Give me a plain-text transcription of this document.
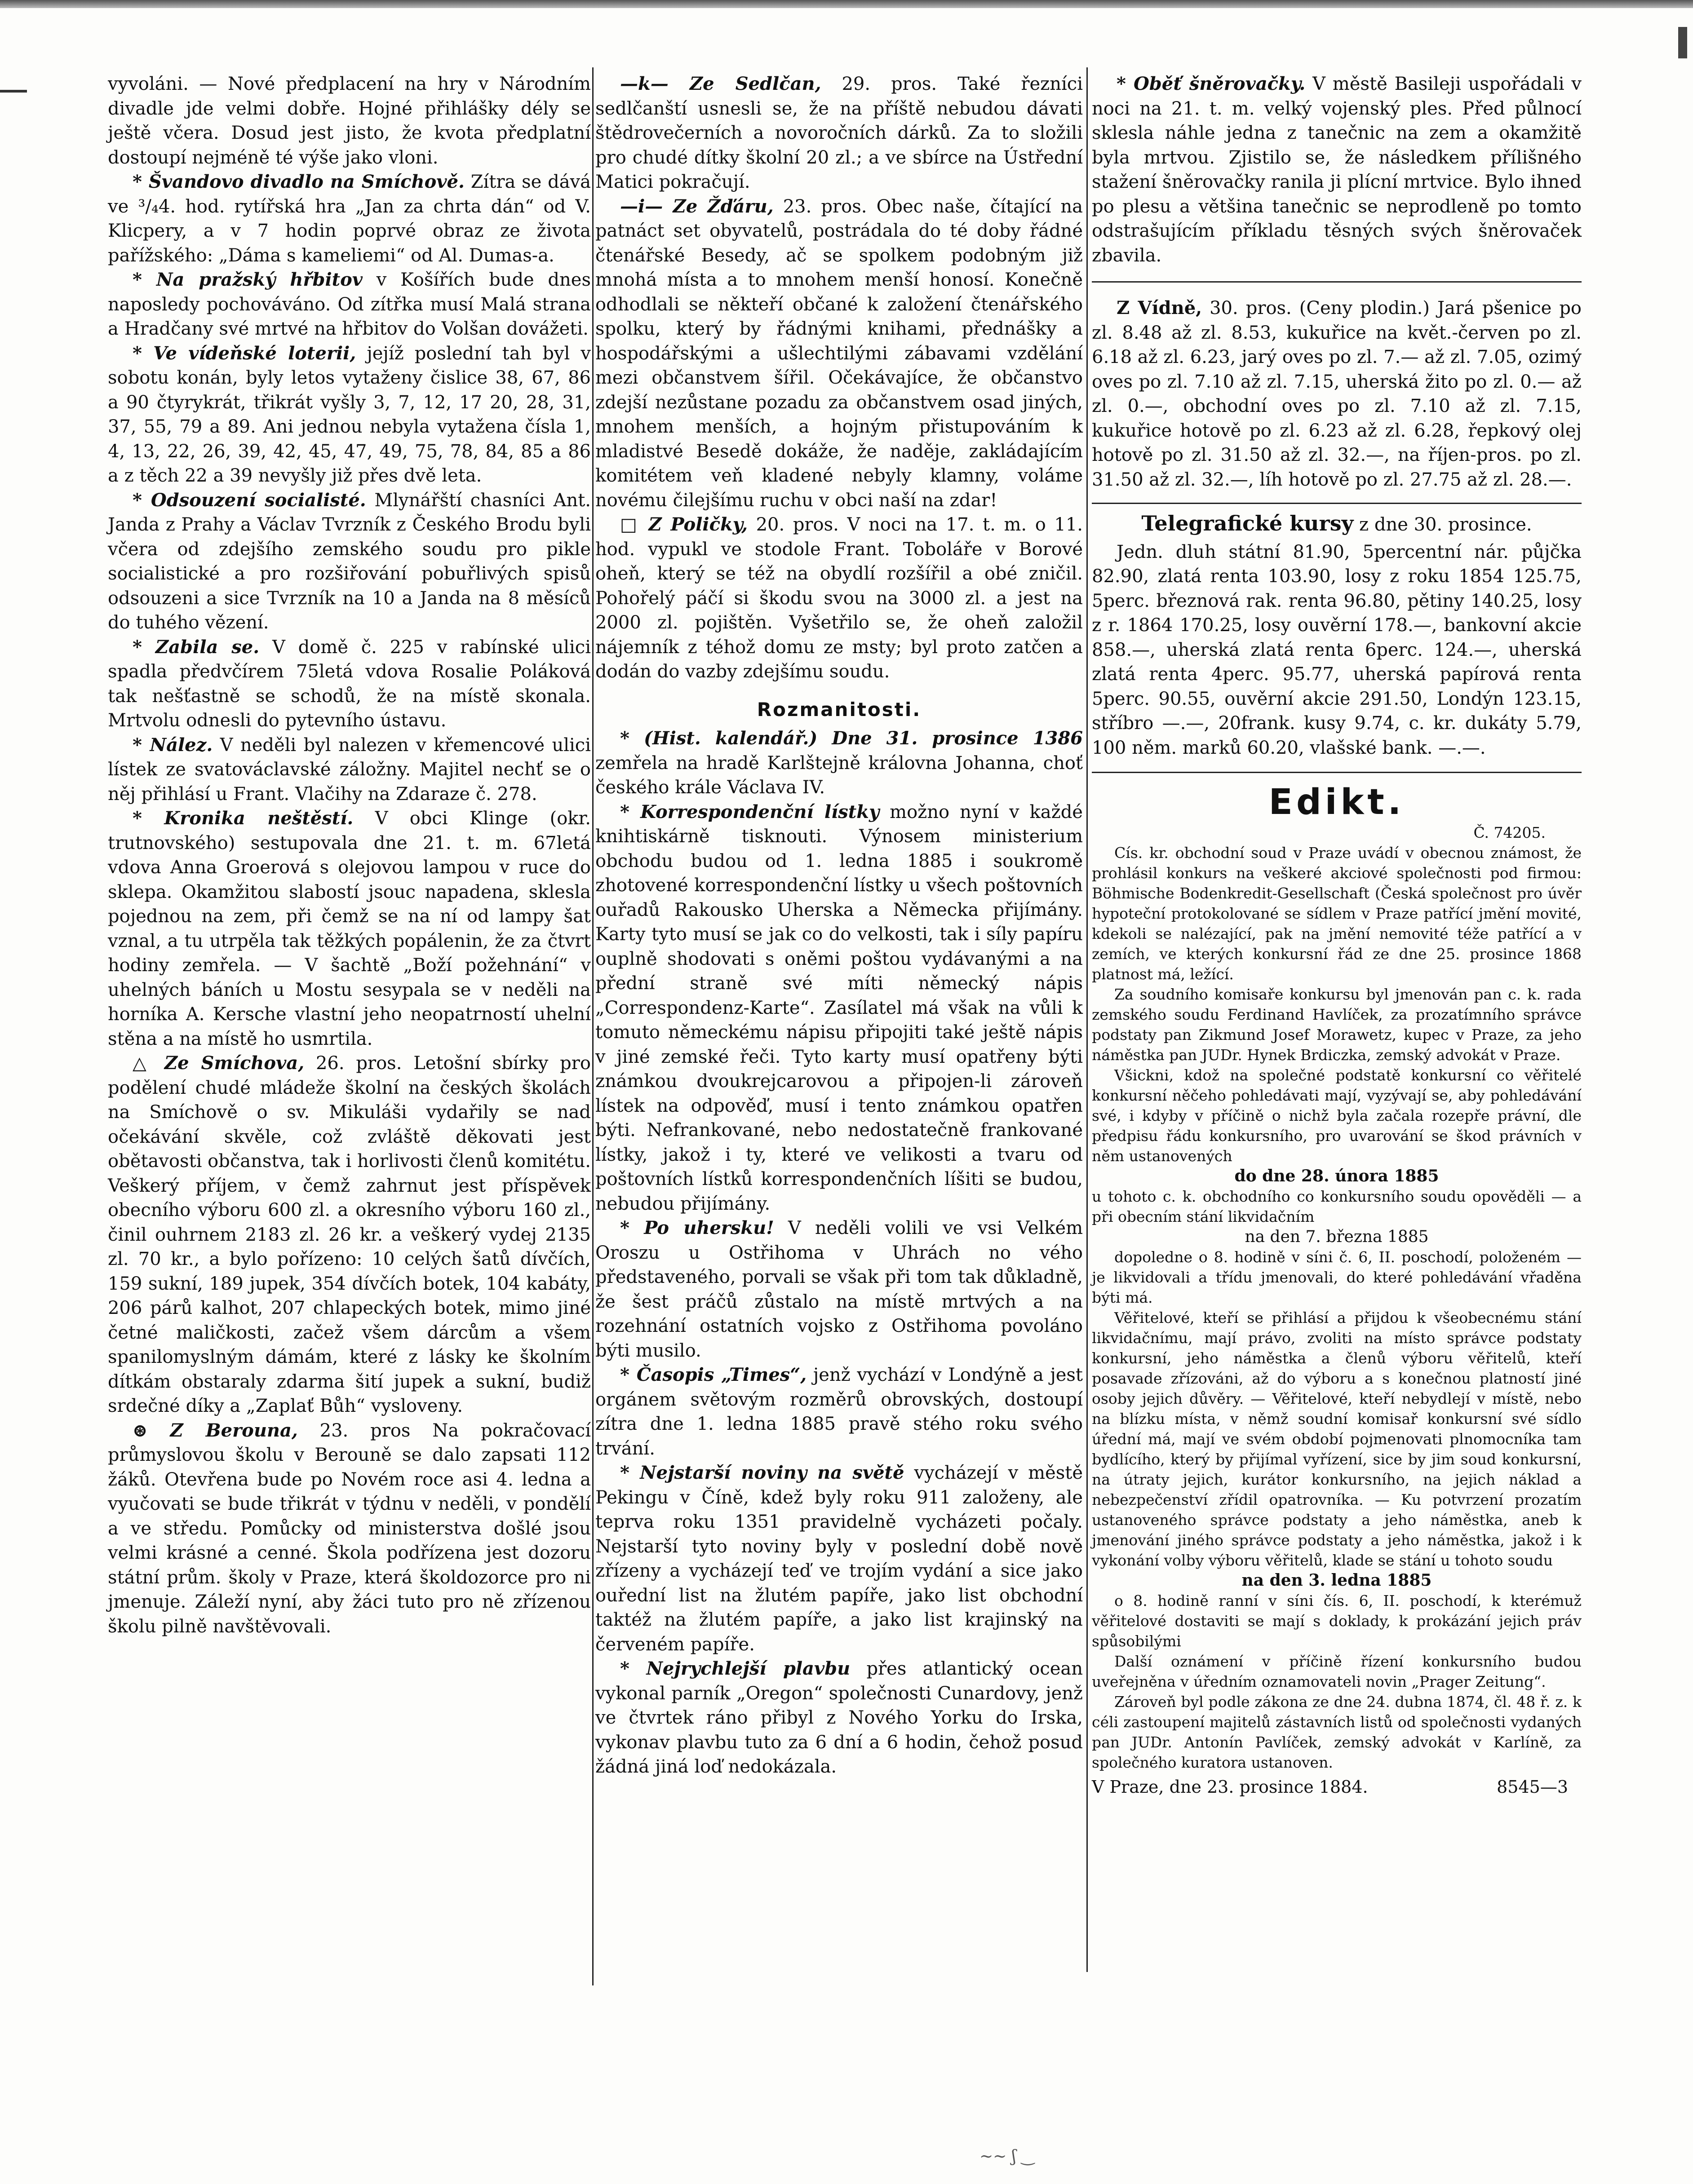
vyvoláni. — Nové předplacení na hry v Národním divadle jde velmi dobře. Hojné přihlášky dély se ještě včera. Dosud jest jisto, že kvota předplatní dostoupí nejméně té výše jako vloni.

* Švandovo divadlo na Smíchově. Zítra se dává ve ³/₄4. hod. rytířská hra „Jan za chrta dán“ od V. Klicpery, a v 7 hodin poprvé obraz ze života pařížského: „Dáma s kameliemi“ od Al. Dumas-a.

* Na pražský hřbitov v Košířích bude dnes naposledy pochováváno. Od zítřka musí Malá strana a Hradčany své mrtvé na hřbitov do Volšan dovážeti.

* Ve vídeňské loterii, jejíž poslední tah byl v sobotu konán, byly letos vytaženy čislice 38, 67, 86 a 90 čtyrykrát, třikrát vyšly 3, 7, 12, 17 20, 28, 31, 37, 55, 79 a 89. Ani jednou nebyla vytažena čísla 1, 4, 13, 22, 26, 39, 42, 45, 47, 49, 75, 78, 84, 85 a 86 a z těch 22 a 39 nevyšly již přes dvě leta.

* Odsouzení socialisté. Mlynářští chasníci Ant. Janda z Prahy a Václav Tvrzník z Českého Brodu byli včera od zdejšího zemského soudu pro pikle socialistické a pro rozšiřování pobuřlivých spisů odsouzeni a sice Tvrzník na 10 a Janda na 8 měsíců do tuhého vězení.

* Zabila se. V domě č. 225 v rabínské ulici spadla předvčírem 75letá vdova Rosalie Poláková tak nešťastně se schodů, že na místě skonala. Mrtvolu odnesli do pytevního ústavu.

* Nález. V neděli byl nalezen v křemencové ulici lístek ze svatováclavské záložny. Majitel nechť se o něj přihlásí u Frant. Vlačihy na Zdaraze č. 278.

* Kronika neštěstí. V obci Klinge (okr. trutnovského) sestupovala dne 21. t. m. 67letá vdova Anna Groerová s olejovou lampou v ruce do sklepa. Okamžitou slabostí jsouc napadena, sklesla pojednou na zem, při čemž se na ní od lampy šat vznal, a tu utrpěla tak těžkých popálenin, že za čtvrt hodiny zemřela. — V šachtě „Boží požehnání“ v uhelných báních u Mostu sesypala se v neděli na horníka A. Kersche vlastní jeho neopatrností uhelní stěna a na místě ho usmrtila.

△ Ze Smíchova, 26. pros. Letošní sbírky pro podělení chudé mládeže školní na českých školách na Smíchově o sv. Mikuláši vydařily se nad očekávání skvěle, což zvláště děkovati jest obětavosti občanstva, tak i horlivosti členů komitétu. Veškerý příjem, v čemž zahrnut jest příspěvek obecního výboru 600 zl. a okresního výboru 160 zl., činil ouhrnem 2183 zl. 26 kr. a veškerý vydej 2135 zl. 70 kr., a bylo pořízeno: 10 celých šatů dívčích, 159 sukní, 189 jupek, 354 dívčích botek, 104 kabáty, 206 párů kalhot, 207 chlapeckých botek, mimo jiné četné maličkosti, začež všem dárcům a všem spanilomyslným dámám, které z lásky ke školním dítkám obstaraly zdarma šití jupek a sukní, budiž srdečné díky a „Zaplať Bůh“ vysloveny.

⊛ Z Berouna, 23. pros Na pokračovací průmyslovou školu v Berouně se dalo zapsati 112 žáků. Otevřena bude po Novém roce asi 4. ledna a vyučovati se bude třikrát v týdnu v neděli, v pondělí a ve středu. Pomůcky od ministerstva došlé jsou velmi krásné a cenné. Škola podřízena jest dozoru státní prům. školy v Praze, která školdozorce pro ni jmenuje. Záleží nyní, aby žáci tuto pro ně zřízenou školu pilně navštěvovali.

—k— Ze Sedlčan, 29. pros. Také řezníci sedlčanští usnesli se, že na příště nebudou dávati štědrovečerních a novoročních dárků. Za to složili pro chudé dítky školní 20 zl.; a ve sbírce na Ústřední Matici pokračují.

—i— Ze Žďáru, 23. pros. Obec naše, čítající na patnáct set obyvatelů, postrádala do té doby řádné čtenářské Besedy, ač se spolkem podobným již mnohá místa a to mnohem menší honosí. Konečně odhodlali se někteří občané k založení čtenářského spolku, který by řádnými knihami, přednášky a hospodářskými a ušlechtilými zábavami vzdělání mezi občanstvem šířil. Očekávajíce, že občanstvo zdejší nezůstane pozadu za občanstvem osad jiných, mnohem menších, a hojným přistupováním k mladistvé Besedě dokáže, že naděje, zakládajícím komitétem veň kladené nebyly klamny, voláme novému čilejšímu ruchu v obci naší na zdar!

□ Z Poličky, 20. pros. V noci na 17. t. m. o 11. hod. vypukl ve stodole Frant. Toboláře v Borové oheň, který se též na obydlí rozšířil a obé zničil. Pohořelý páčí si škodu svou na 3000 zl. a jest na 2000 zl. pojištěn. Vyšetřilo se, že oheň založil nájemník z téhož domu ze msty; byl proto zatčen a dodán do vazby zdejšímu soudu.

Rozmanitosti.

* (Hist. kalendář.) Dne 31. prosince 1386 zemřela na hradě Karlštejně královna Johanna, choť českého krále Václava IV.

* Korrespondenční lístky možno nyní v každé knihtiskárně tisknouti. Výnosem ministerium obchodu budou od 1. ledna 1885 i soukromě zhotovené korrespondenční lístky u všech poštovních ouřadů Rakousko Uherska a Německa přijímány. Karty tyto musí se jak co do velkosti, tak i síly papíru ouplně shodovati s oněmi poštou vydávanými a na přední straně své míti německý nápis „Correspondenz-Karte“. Zasílatel má však na vůli k tomuto německému nápisu připojiti také ještě nápis v jiné zemské řeči. Tyto karty musí opatřeny býti známkou dvoukrejcarovou a připojen-li zároveň lístek na odpověď, musí i tento známkou opatřen býti. Nefrankované, nebo nedostatečně frankované lístky, jakož i ty, které ve velikosti a tvaru od poštovních lístků korrespondenčních líšiti se budou, nebudou přijímány.

* Po uhersku! V neděli volili ve vsi Velkém Oroszu u Ostřihoma v Uhrách no vého představeného, porvali se však při tom tak důkladně, že šest práčů zůstalo na místě mrtvých a na rozehnání ostatních vojsko z Ostřihoma povoláno býti musilo.

* Časopis „Times“, jenž vychází v Londýně a jest orgánem světovým rozměrů obrovských, dostoupí zítra dne 1. ledna 1885 pravě stého roku svého trvání.

* Nejstarší noviny na světě vycházejí v městě Pekingu v Číně, kdež byly roku 911 založeny, ale teprva roku 1351 pravidelně vycházeti počaly. Nejstarší tyto noviny byly v poslední době nově zřízeny a vycházejí teď ve trojím vydání a sice jako ouřední list na žlutém papíře, jako list obchodní taktéž na žlutém papíře, a jako list krajinský na červeném papíře.

* Nejrychlejší plavbu přes atlantický ocean vykonal parník „Oregon“ společnosti Cunardovy, jenž ve čtvrtek ráno přibyl z Nového Yorku do Irska, vykonav plavbu tuto za 6 dní a 6 hodin, čehož posud žádná jiná loď nedokázala.

* Oběť šněrovačky. V městě Basileji uspořádali v noci na 21. t. m. velký vojenský ples. Před půlnocí sklesla náhle jedna z tanečnic na zem a okamžitě byla mrtvou. Zjistilo se, že následkem přílišného stažení šněrovačky ranila ji plícní mrtvice. Bylo ihned po plesu a většina tanečnic se neprodleně po tomto odstrašujícím příkladu těsných svých šněrovaček zbavila.

Z Vídně, 30. pros. (Ceny plodin.) Jará pšenice po zl. 8.48 až zl. 8.53, kukuřice na květ.-červen po zl. 6.18 až zl. 6.23, jarý oves po zl. 7.— až zl. 7.05, ozimý oves po zl. 7.10 až zl. 7.15, uherská žito po zl. 0.— až zl. 0.—, obchodní oves po zl. 7.10 až zl. 7.15, kukuřice hotově po zl. 6.23 až zl. 6.28, řepkový olej hotově po zl. 31.50 až zl. 32.—, na říjen-pros. po zl. 31.50 až zl. 32.—, líh hotově po zl. 27.75 až zl. 28.—.

Telegrafické kursy z dne 30. prosince.

Jedn. dluh státní 81.90, 5percentní nár. půjčka 82.90, zlatá renta 103.90, losy z roku 1854 125.75, 5perc. březnová rak. renta 96.80, pětiny 140.25, losy z r. 1864 170.25, losy ouvěrní 178.—, bankovní akcie 858.—, uherská zlatá renta 6perc. 124.—, uherská zlatá renta 4perc. 95.77, uherská papírová renta 5perc. 90.55, ouvěrní akcie 291.50, Londýn 123.15, stříbro —.—, 20frank. kusy 9.74, c. kr. dukáty 5.79, 100 něm. marků 60.20, vlašské bank. —.—.

Edikt.

Č. 74205.

Cís. kr. obchodní soud v Praze uvádí v obecnou známost, že prohlásil konkurs na veškeré akciové společnosti pod firmou: Böhmische Bodenkredit-Gesellschaft (Česká společnost pro úvěr hypoteční protokolované se sídlem v Praze patřící jmění movité, kdekoli se nalézající, pak na jmění nemovité téže patřící a v zemích, ve kterých konkursní řád ze dne 25. prosince 1868 platnost má, ležící.

Za soudního komisaře konkursu byl jmenován pan c. k. rada zemského soudu Ferdinand Havlíček, za prozatímního správce podstaty pan Zikmund Josef Morawetz, kupec v Praze, za jeho náměstka pan JUDr. Hynek Brdiczka, zemský advokát v Praze.

Všickni, kdož na společné podstatě konkursní co věřitelé konkursní něčeho pohledávati mají, vyzývají se, aby pohledávání své, i kdyby v příčině o nichž byla začala rozepře právní, dle předpisu řádu konkursního, pro uvarování se škod právních v něm ustanovených

do dne 28. února 1885

u tohoto c. k. obchodního co konkursního soudu opověděli — a při obecním stání likvidačním

na den 7. března 1885

dopoledne o 8. hodině v síni č. 6, II. poschodí, položeném — je likvidovali a třídu jmenovali, do které pohledávání vřaděna býti má.

Věřitelové, kteří se přihlásí a přijdou k všeobecnému stání likvidačnímu, mají právo, zvoliti na místo správce podstaty konkursní, jeho náměstka a členů výboru věřitelů, kteří posavade zřízováni, až do výboru a s konečnou platností jiné osoby jejich důvěry. — Věřitelové, kteří nebydlejí v místě, nebo na blízku místa, v němž soudní komisař konkursní své sídlo úřední má, mají ve svém období pojmenovati plnomocníka tam bydlícího, který by přijímal vyřízení, sice by jim soud konkursní, na útraty jejich, kurátor konkursního, na jejich náklad a nebezpečenství zřídil opatrovníka. — Ku potvrzení prozatím ustanoveného správce podstaty a jeho náměstka, aneb k jmenování jiného správce podstaty a jeho náměstka, jakož i k vykonání volby výboru věřitelů, klade se stání u tohoto soudu

na den 3. ledna 1885

o 8. hodině ranní v síni čís. 6, II. poschodí, k kterémuž věřitelové dostaviti se mají s doklady, k prokázání jejich práv spůsobilými

Další oznámení v příčině řízení konkursního budou uveřejněna v úředním oznamovateli novin „Prager Zeitung“.

Zároveň byl podle zákona ze dne 24. dubna 1874, čl. 48 ř. z. k céli zastoupení majitelů zástavních listů od společnosti vydaných pan JUDr. Antonín Pavlíček, zemský advokát v Karlíně, za společného kuratora ustanoven.

V Praze, dne 23. prosince 1884.	8545—3

~~ ʃ ‿
